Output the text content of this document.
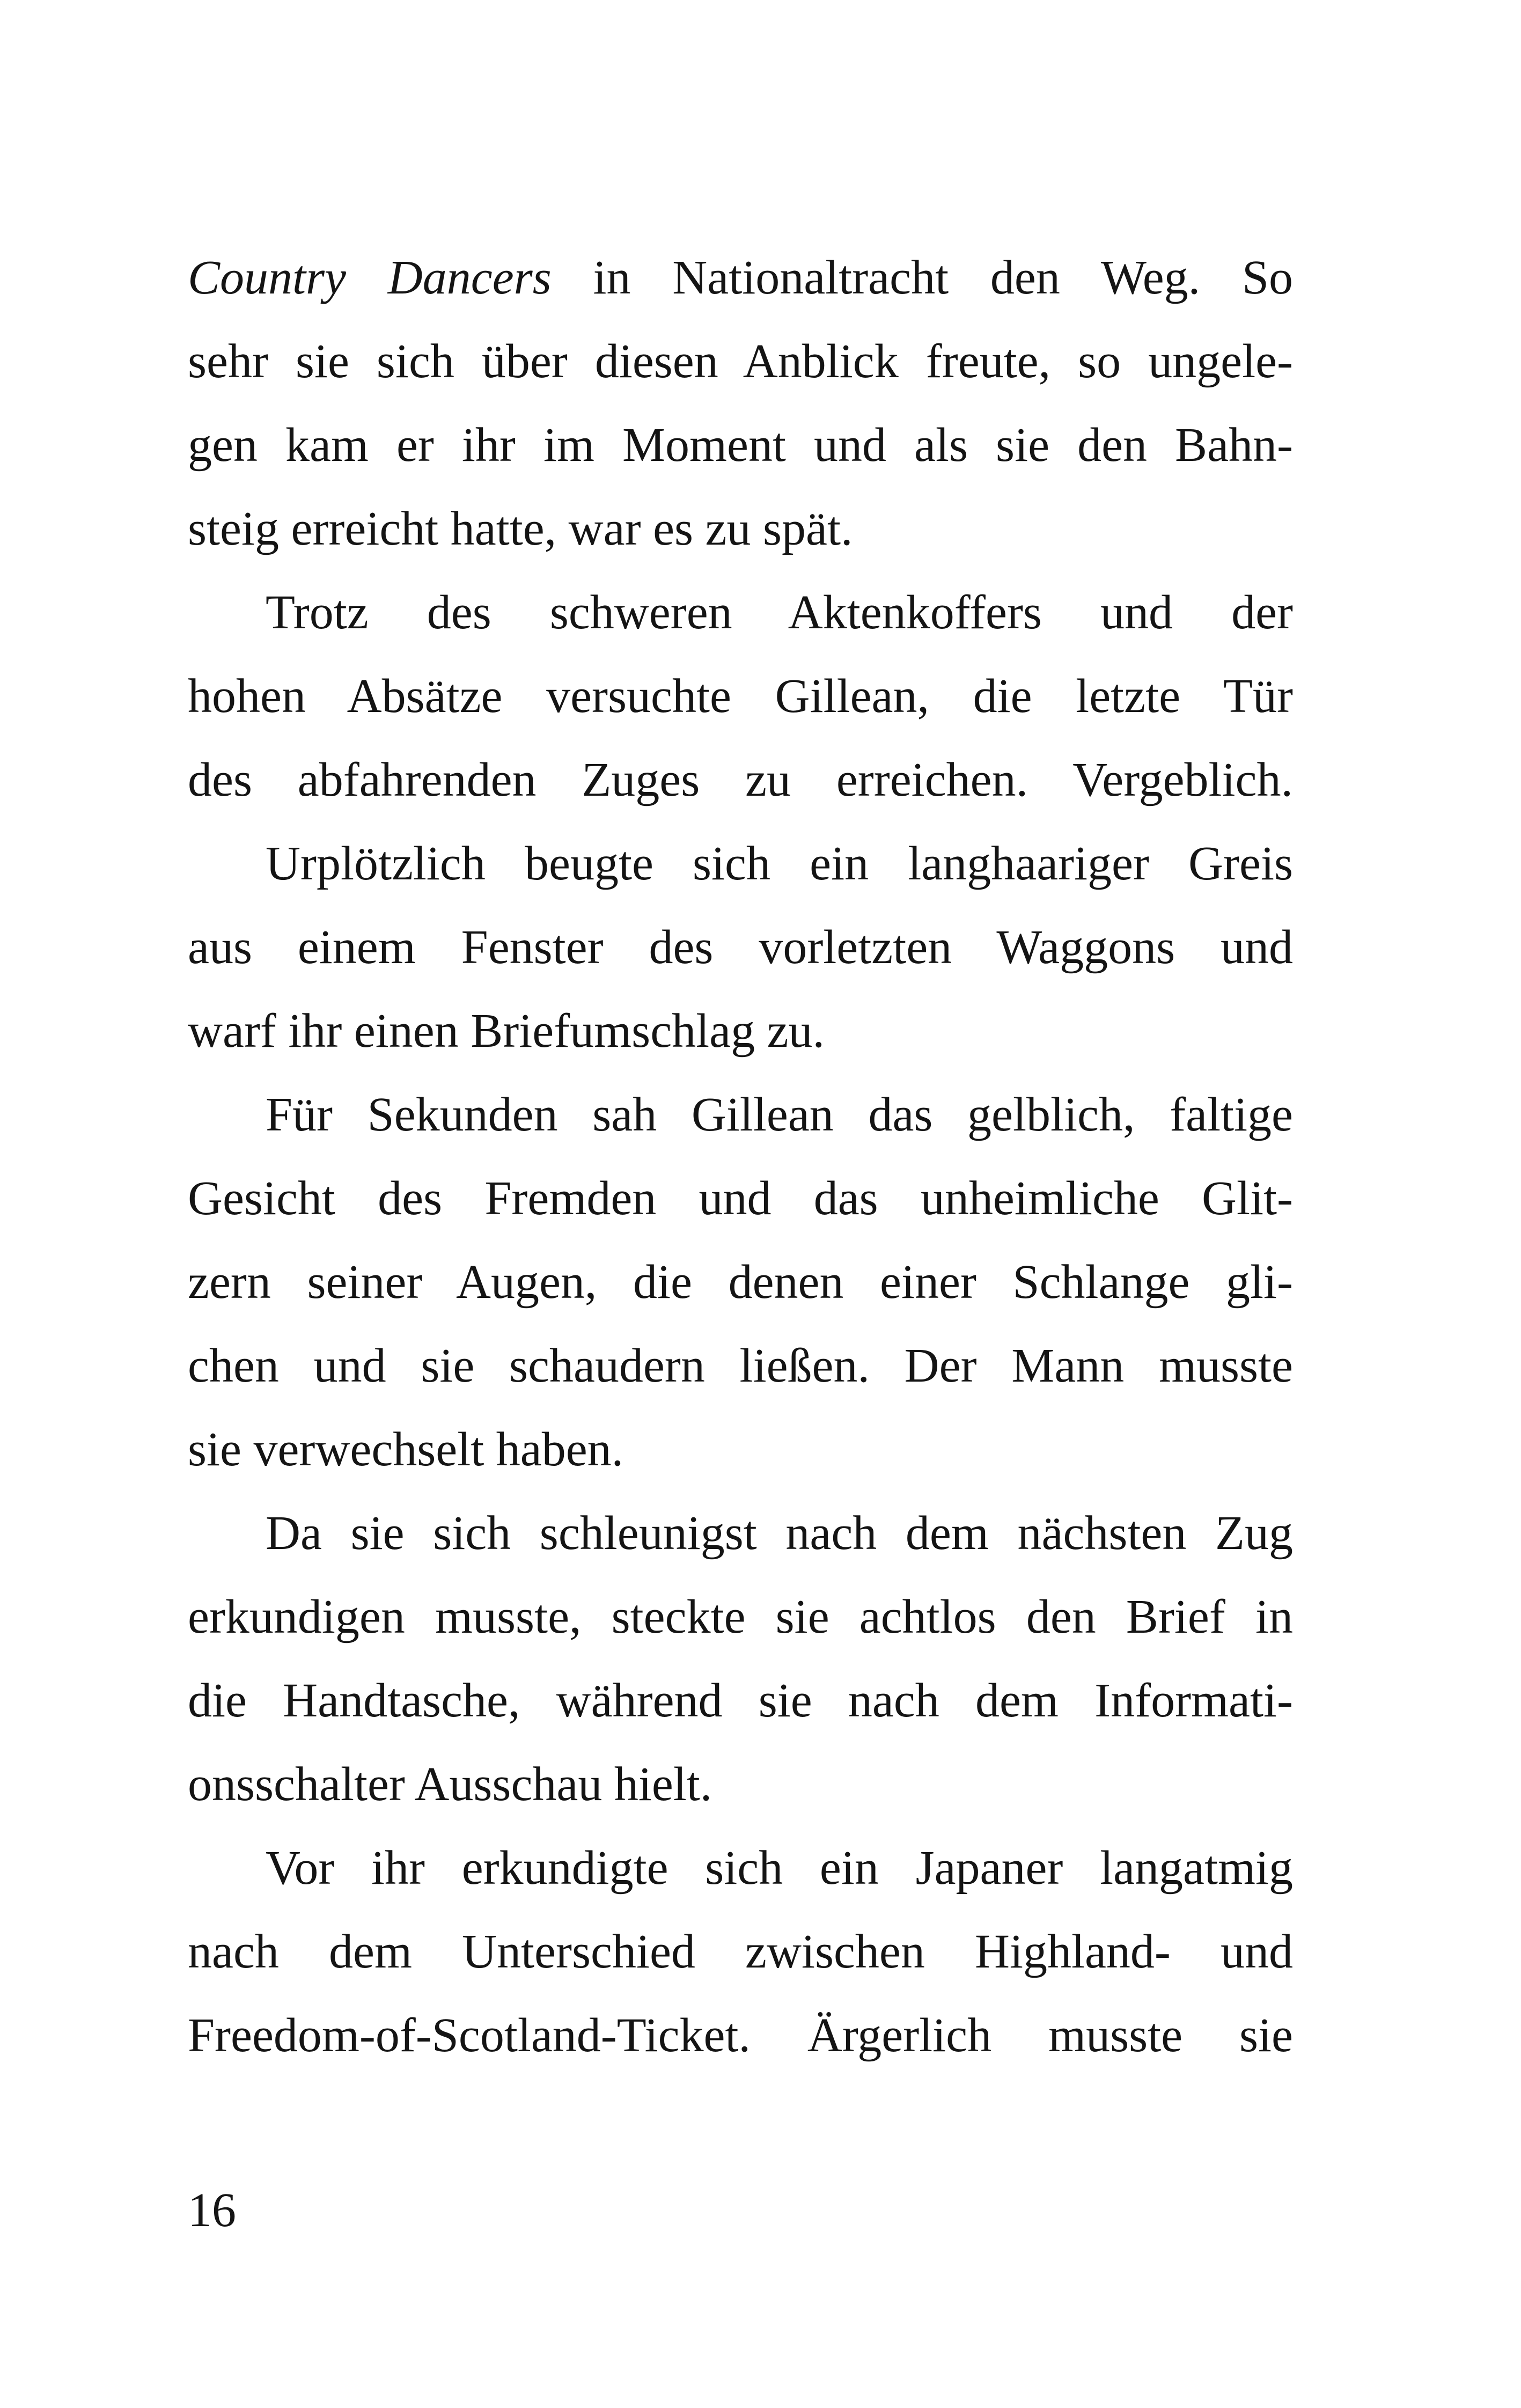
Country Dancers in Nationaltracht den Weg. So
sehr sie sich über diesen Anblick freute, so ungele-
gen kam er ihr im Moment und als sie den Bahn-
steig erreicht hatte, war es zu spät.
Trotz des schweren Aktenkoffers und der
hohen Absätze versuchte Gillean, die letzte Tür
des abfahrenden Zuges zu erreichen. Vergeblich.
Urplötzlich beugte sich ein langhaariger Greis
aus einem Fenster des vorletzten Waggons und
warf ihr einen Briefumschlag zu.
Für Sekunden sah Gillean das gelblich, faltige
Gesicht des Fremden und das unheimliche Glit-
zern seiner Augen, die denen einer Schlange gli-
chen und sie schaudern ließen. Der Mann musste
sie verwechselt haben.
Da sie sich schleunigst nach dem nächsten Zug
erkundigen musste, steckte sie achtlos den Brief in
die Handtasche, während sie nach dem Informati-
onsschalter Ausschau hielt.
Vor ihr erkundigte sich ein Japaner langatmig
nach dem Unterschied zwischen Highland- und
Freedom-of-Scotland-Ticket. Ärgerlich musste sie
16
